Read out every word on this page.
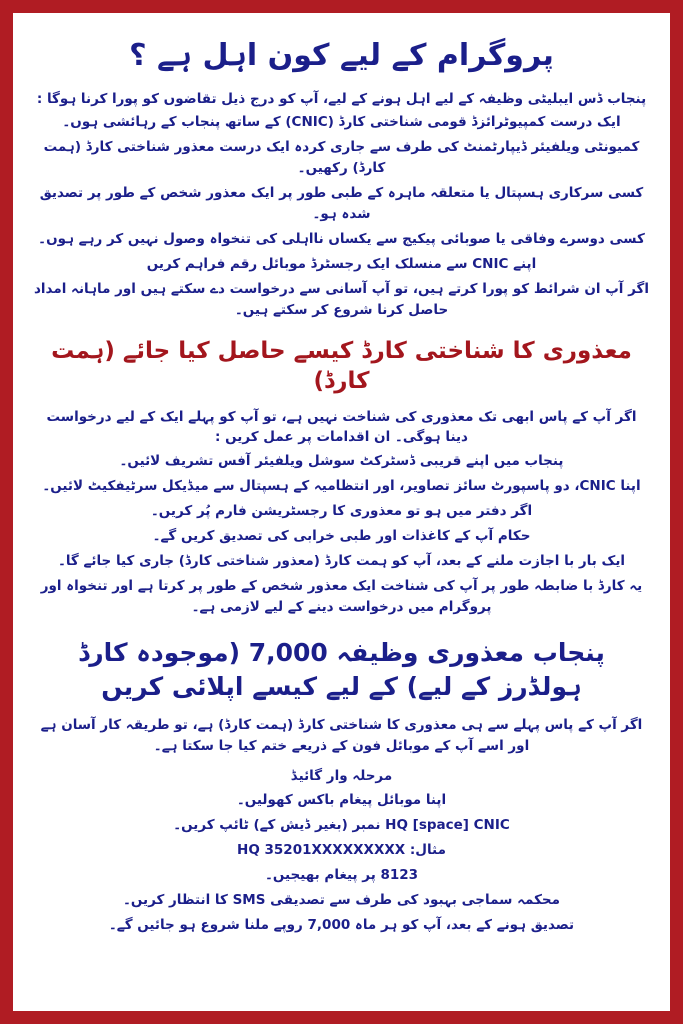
پروگرام کے لیے کون اہل ہے ؟

پنجاب ڈس ایبلیٹی وظیفہ کے لیے اہل ہونے کے لیے، آپ کو درج ذیل تقاضوں کو پورا کرنا ہوگا :

ایک درست کمپیوٹرائزڈ قومی شناختی کارڈ (CNIC) کے ساتھ پنجاب کے رہائشی ہوں۔

کمیونٹی ویلفیئر ڈیپارٹمنٹ کی طرف سے جاری کردہ ایک درست معذور شناختی کارڈ (ہمت کارڈ) رکھیں۔

کسی سرکاری ہسپتال یا متعلقہ ماہرہ کے طبی طور پر ایک معذور شخص کے طور پر تصدیق شدہ ہو۔

کسی دوسرے وفاقی یا صوبائی پیکیج سے یکساں نااہلی کی تنخواہ وصول نہیں کر رہے ہوں۔

اپنے CNIC سے منسلک ایک رجسٹرڈ موبائل رقم فراہم کریں

اگر آپ ان شرائط کو پورا کرتے ہیں، تو آپ آسانی سے درخواست دے سکتے ہیں اور ماہانہ امداد حاصل کرنا شروع کر سکتے ہیں۔

معذوری کا شناختی کارڈ کیسے حاصل کیا جائے (ہمت کارڈ)

اگر آپ کے پاس ابھی تک معذوری کی شناخت نہیں ہے، تو آپ کو پہلے ایک کے لیے درخواست دینا ہوگی۔ ان اقدامات پر عمل کریں :

پنجاب میں اپنے قریبی ڈسٹرکٹ سوشل ویلفیئر آفس تشریف لائیں۔

اپنا CNIC، دو پاسپورٹ سائز تصاویر، اور انتظامیہ کے ہسپتال سے میڈیکل سرٹیفکیٹ لائیں۔

اگر دفتر میں ہو تو معذوری کا رجسٹریشن فارم پُر کریں۔

حکام آپ کے کاغذات اور طبی خرابی کی تصدیق کریں گے۔

ایک بار با اجازت ملنے کے بعد، آپ کو ہمت کارڈ (معذور شناختی کارڈ) جاری کیا جائے گا۔

یہ کارڈ با ضابطہ طور پر آپ کی شناخت ایک معذور شخص کے طور پر کرتا ہے اور تنخواہ اور پروگرام میں درخواست دینے کے لیے لازمی ہے۔

پنجاب معذوری وظیفہ 7,000 (موجودہ کارڈ ہولڈرز کے لیے) کے لیے کیسے اپلائی کریں

اگر آپ کے پاس پہلے سے ہی معذوری کا شناختی کارڈ (ہمت کارڈ) ہے، تو طریقہ کار آسان ہے اور اسے آپ کے موبائل فون کے ذریعے ختم کیا جا سکتا ہے۔

مرحلہ وار گائیڈ

اپنا موبائل پیغام باکس کھولیں۔

HQ [space] CNIC نمبر (بغیر ڈیش کے) ٹائپ کریں۔

مثال: HQ 35201XXXXXXXXX

8123 پر پیغام بھیجیں۔

محکمہ سماجی بہبود کی طرف سے تصدیقی SMS کا انتظار کریں۔

تصدیق ہونے کے بعد، آپ کو ہر ماہ 7,000 روپے ملنا شروع ہو جائیں گے۔
